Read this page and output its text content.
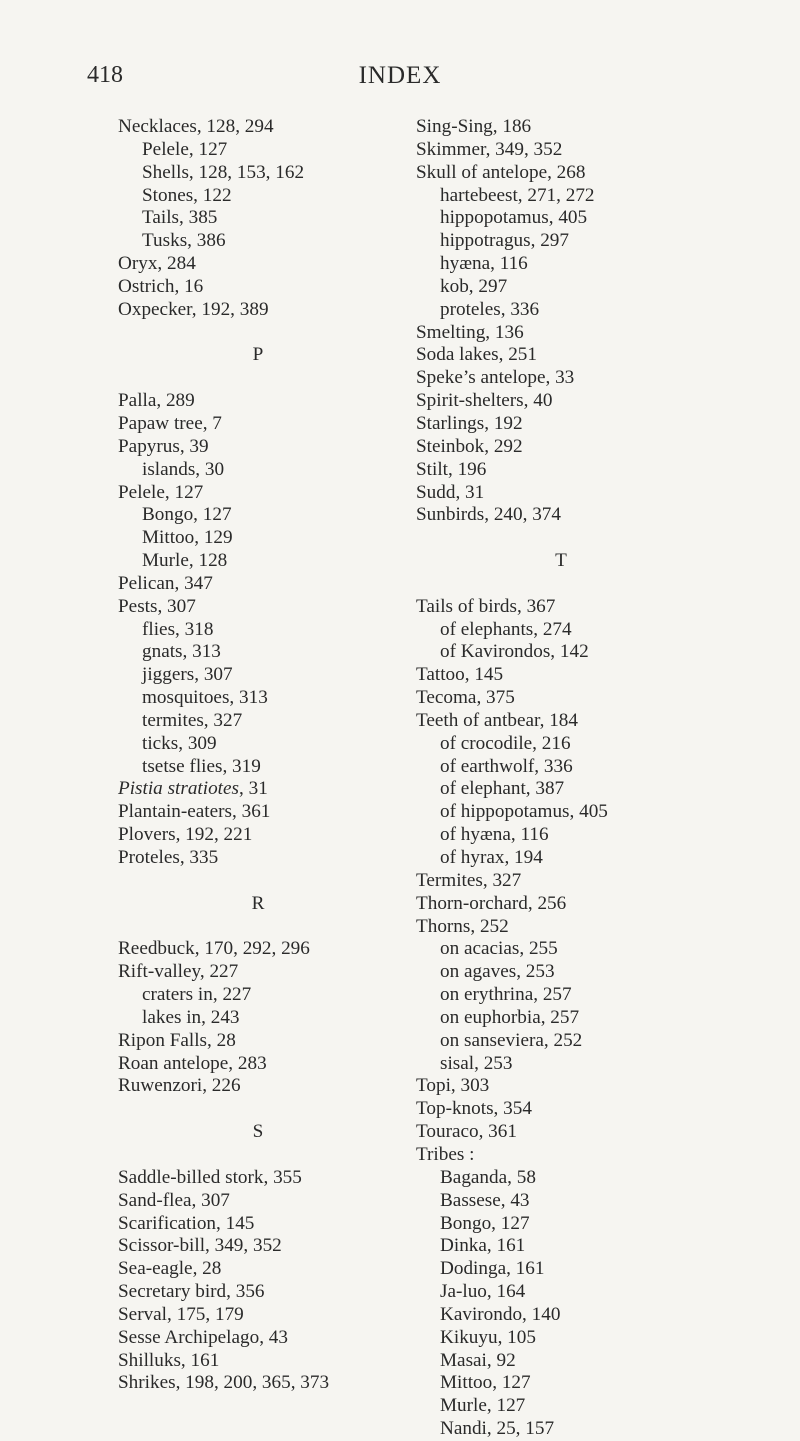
418	INDEX
Necklaces, 128, 294
Pelele, 127
Shells, 128, 153, 162
Stones, 122
Tails, 385
Tusks, 386
Oryx, 284
Ostrich, 16
Oxpecker, 192, 389
P
Palla, 289
Papaw tree, 7
Papyrus, 39
islands, 30
Pelele, 127
Bongo, 127
Mittoo, 129
Murle, 128
Pelican, 347
Pests, 307
flies, 318
gnats, 313
jiggers, 307
mosquitoes, 313
termites, 327
ticks, 309
tsetse flies, 319
Pistia stratiotes, 31
Plantain-eaters, 361
Plovers, 192, 221
Proteles, 335
R
Reedbuck, 170, 292, 296
Rift-valley, 227
craters in, 227
lakes in, 243
Ripon Falls, 28
Roan antelope, 283
Ruwenzori, 226
S
Saddle-billed stork, 355
Sand-flea, 307
Scarification, 145
Scissor-bill, 349, 352
Sea-eagle, 28
Secretary bird, 356
Serval, 175, 179
Sesse Archipelago, 43
Shilluks, 161
Shrikes, 198, 200, 365, 373
Sing-Sing, 186
Skimmer, 349, 352
Skull of antelope, 268
hartebeest, 271, 272
hippopotamus, 405
hippotragus, 297
hyæna, 116
kob, 297
proteles, 336
Smelting, 136
Soda lakes, 251
Speke’s antelope, 33
Spirit-shelters, 40
Starlings, 192
Steinbok, 292
Stilt, 196
Sudd, 31
Sunbirds, 240, 374
T
Tails of birds, 367
of elephants, 274
of Kavirondos, 142
Tattoo, 145
Tecoma, 375
Teeth of antbear, 184
of crocodile, 216
of earthwolf, 336
of elephant, 387
of hippopotamus, 405
of hyæna, 116
of hyrax, 194
Termites, 327
Thorn-orchard, 256
Thorns, 252
on acacias, 255
on agaves, 253
on erythrina, 257
on euphorbia, 257
on sanseviera, 252
sisal, 253
Topi, 303
Top-knots, 354
Touraco, 361
Tribes :
Baganda, 58
Bassese, 43
Bongo, 127
Dinka, 161
Dodinga, 161
Ja-luo, 164
Kavirondo, 140
Kikuyu, 105
Masai, 92
Mittoo, 127
Murle, 127
Nandi, 25, 157
